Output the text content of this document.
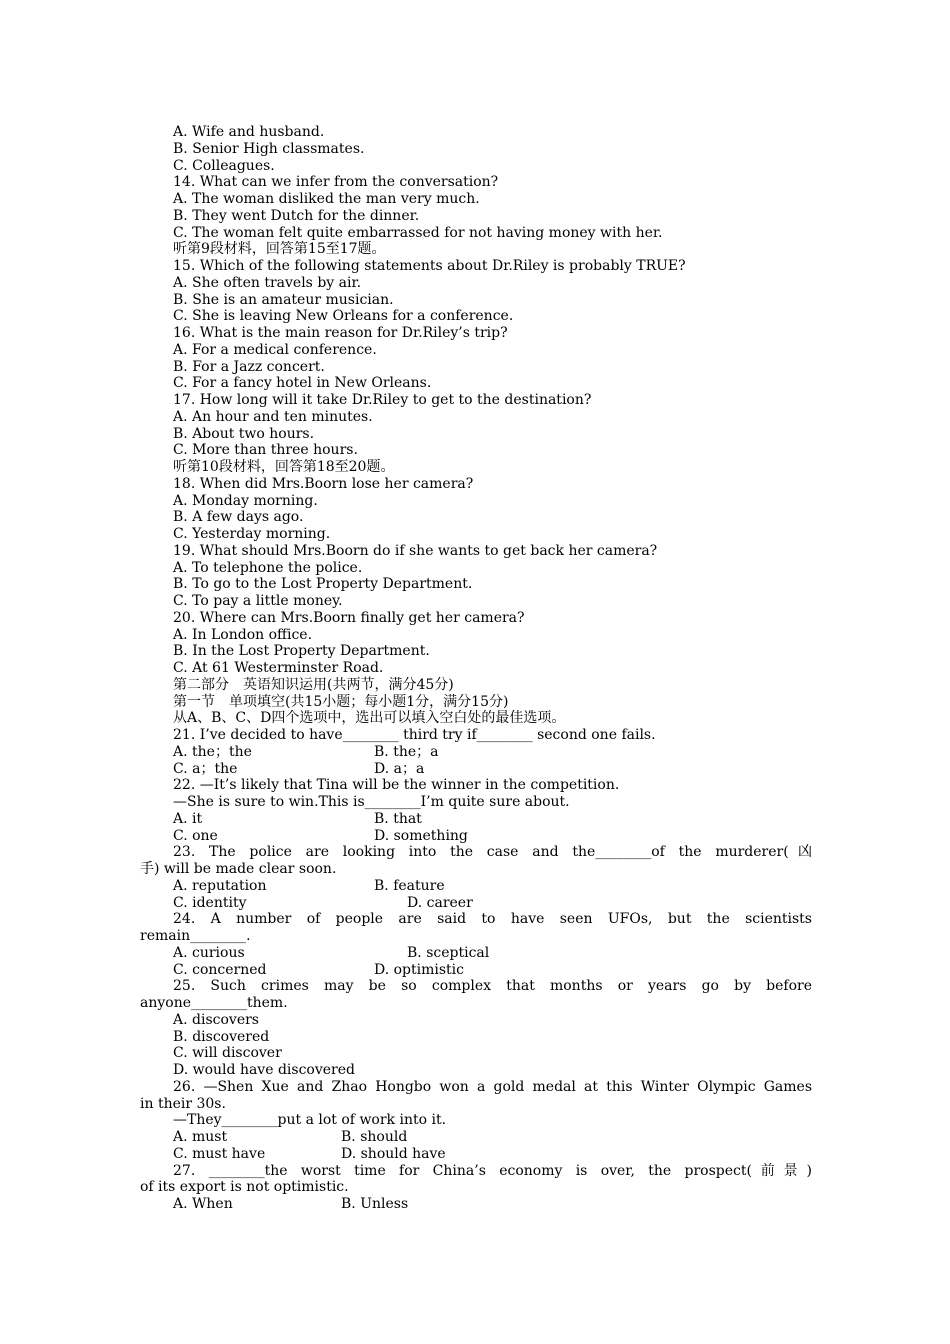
A. Wife and husband.
B. Senior High classmates.
C. Colleagues.
14. What can we infer from the conversation?
A. The woman disliked the man very much.
B. They went Dutch for the dinner.
C. The woman felt quite embarrassed for not having money with her.
听第9段材料，回答第15至17题。
15. Which of the following statements about Dr.Riley is probably TRUE?
A. She often travels by air.
B. She is an amateur musician.
C. She is leaving New Orleans for a conference.
16. What is the main reason for Dr.Riley’s trip?
A. For a medical conference.
B. For a Jazz concert.
C. For a fancy hotel in New Orleans.
17. How long will it take Dr.Riley to get to the destination?
A. An hour and ten minutes.
B. About two hours.
C. More than three hours.
听第10段材料，回答第18至20题。
18. When did Mrs.Boorn lose her camera?
A. Monday morning.
B. A few days ago.
C. Yesterday morning.
19. What should Mrs.Boorn do if she wants to get back her camera?
A. To telephone the police.
B. To go to the Lost Property Department.
C. To pay a little money.
20. Where can Mrs.Boorn finally get her camera?
A. In London office.
B. In the Lost Property Department.
C. At 61 Westerminster Road.
第二部分　英语知识运用(共两节，满分45分)
第一节　单项填空(共15小题；每小题1分，满分15分)
从A、B、C、D四个选项中，选出可以填入空白处的最佳选项。
21. I’ve decided to have________ third try if________ second one fails.
A. the；the	B. the；a
C. a；the	D. a；a
22. —It’s likely that Tina will be the winner in the competition.
—She is sure to win.This is________I’m quite sure about.
A. it	B. that
C. one	D. something
23. The police are looking into the case and the________of the murderer(凶
手) will be made clear soon.
A. reputation	B. feature
C. identity	D. career
24. A number of people are said to have seen UFOs, but the scientists
remain________.
A. curious	B. sceptical
C. concerned	D. optimistic
25. Such crimes may be so complex that months or years go by before
anyone________them.
A. discovers
B. discovered
C. will discover
D. would have discovered
26. —Shen Xue and Zhao Hongbo won a gold medal at this Winter Olympic Games
in their 30s.
—They________put a lot of work into it.
A. must	B. should
C. must have	D. should have
27. ________the worst time for China’s economy is over, the prospect(前景)
of its export is not optimistic.
A. When	B. Unless
